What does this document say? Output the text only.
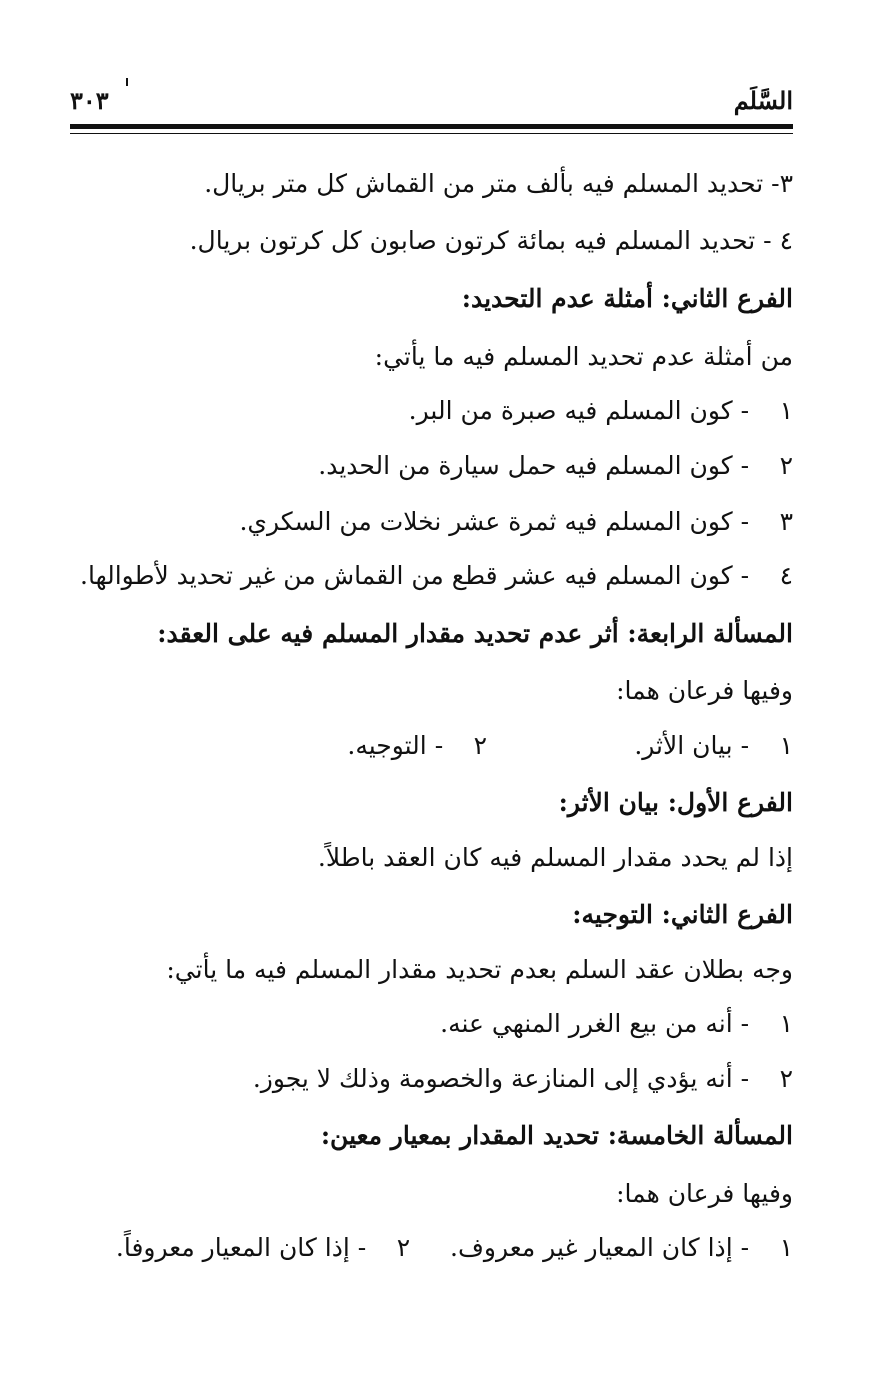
السَّلَم
٣٠٣
٣- تحديد المسلم فيه بألف متر من القماش كل متر بريال.
٤ - تحديد المسلم فيه بمائة كرتون صابون كل كرتون بريال.
الفرع الثاني: أمثلة عدم التحديد:
من أمثلة عدم تحديد المسلم فيه ما يأتي:
١ - كون المسلم فيه صبرة من البر.
٢ - كون المسلم فيه حمل سيارة من الحديد.
٣ - كون المسلم فيه ثمرة عشر نخلات من السكري.
٤ - كون المسلم فيه عشر قطع من القماش من غير تحديد لأطوالها.
المسألة الرابعة: أثر عدم تحديد مقدار المسلم فيه على العقد:
وفيها فرعان هما:
١ - بيان الأثر.  ٢ - التوجيه.
الفرع الأول: بيان الأثر:
إذا لم يحدد مقدار المسلم فيه كان العقد باطلاً.
الفرع الثاني: التوجيه:
وجه بطلان عقد السلم بعدم تحديد مقدار المسلم فيه ما يأتي:
١ - أنه من بيع الغرر المنهي عنه.
٢ - أنه يؤدي إلى المنازعة والخصومة وذلك لا يجوز.
المسألة الخامسة: تحديد المقدار بمعيار معين:
وفيها فرعان هما:
١ - إذا كان المعيار غير معروف.  ٢ - إذا كان المعيار معروفاً.
